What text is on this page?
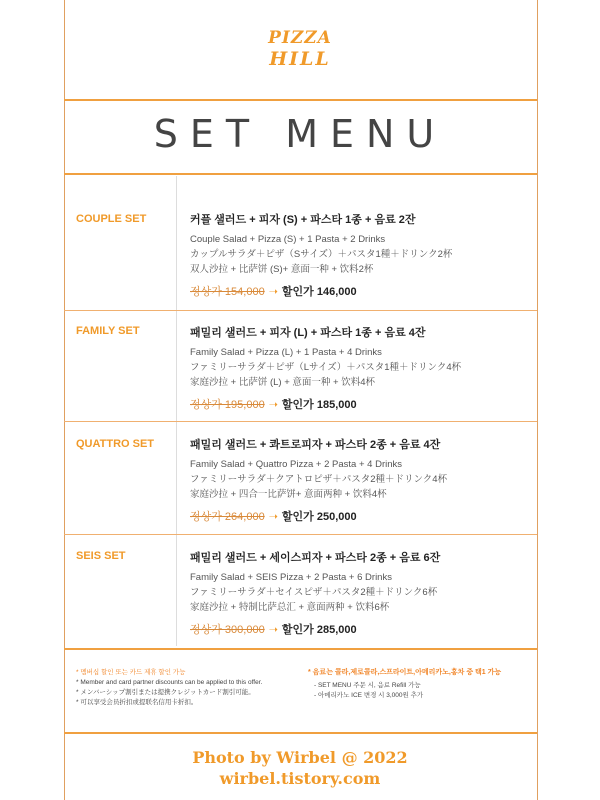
PIZZA
HILL
SET MENU
COUPLE SET	커플 샐러드 + 피자 (S) + 파스타 1종 + 음료 2잔
Couple Salad + Pizza (S) + 1 Pasta + 2 Drinks
カップルサラダ＋ピザ（Sサイズ）＋パスタ1種＋ドリンク2杯
双人沙拉 + 比萨饼 (S)+ 意面一种 + 饮料2杯
정상가 154,000 ➝ 할인가 146,000
FAMILY SET	패밀리 샐러드 + 피자 (L) + 파스타 1종 + 음료 4잔
Family Salad + Pizza (L) + 1 Pasta + 4 Drinks
ファミリーサラダ＋ピザ（Lサイズ）＋パスタ1種＋ドリンク4杯
家庭沙拉 + 比萨饼 (L) + 意面一种 + 饮料4杯
정상가 195,000 ➝ 할인가 185,000
QUATTRO SET	패밀리 샐러드 + 콰트로피자 + 파스타 2종 + 음료 4잔
Family Salad + Quattro Pizza + 2 Pasta + 4 Drinks
ファミリーサラダ＋クアトロピザ＋パスタ2種＋ドリンク4杯
家庭沙拉 + 四合一比萨饼+ 意面两种 + 饮料4杯
정상가 264,000 ➝ 할인가 250,000
SEIS SET	패밀리 샐러드 + 세이스피자 + 파스타 2종 + 음료 6잔
Family Salad + SEIS Pizza + 2 Pasta + 6 Drinks
ファミリーサラダ＋セイスピザ＋パスタ2種＋ドリンク6杯
家庭沙拉 + 特制比萨总汇 + 意面两种 + 饮料6杯
정상가 300,000 ➝ 할인가 285,000
* 멤버십 할인 또는 카드 제휴 할인 가능
* Member and card partner discounts can be applied to this offer.
* メンバーシップ割引または提携クレジットカード割引可能。
* 可以享受会员折扣或提联名信用卡折扣。
* 음료는 콜라,제로콜라,스프라이트,아메리카노,홍차 중 택1 가능
- SET MENU 주문 시, 음료 Refill 가능
- 아메리카노 ICE 변경 시 3,000원 추가
Photo by Wirbel @ 2022
wirbel.tistory.com
